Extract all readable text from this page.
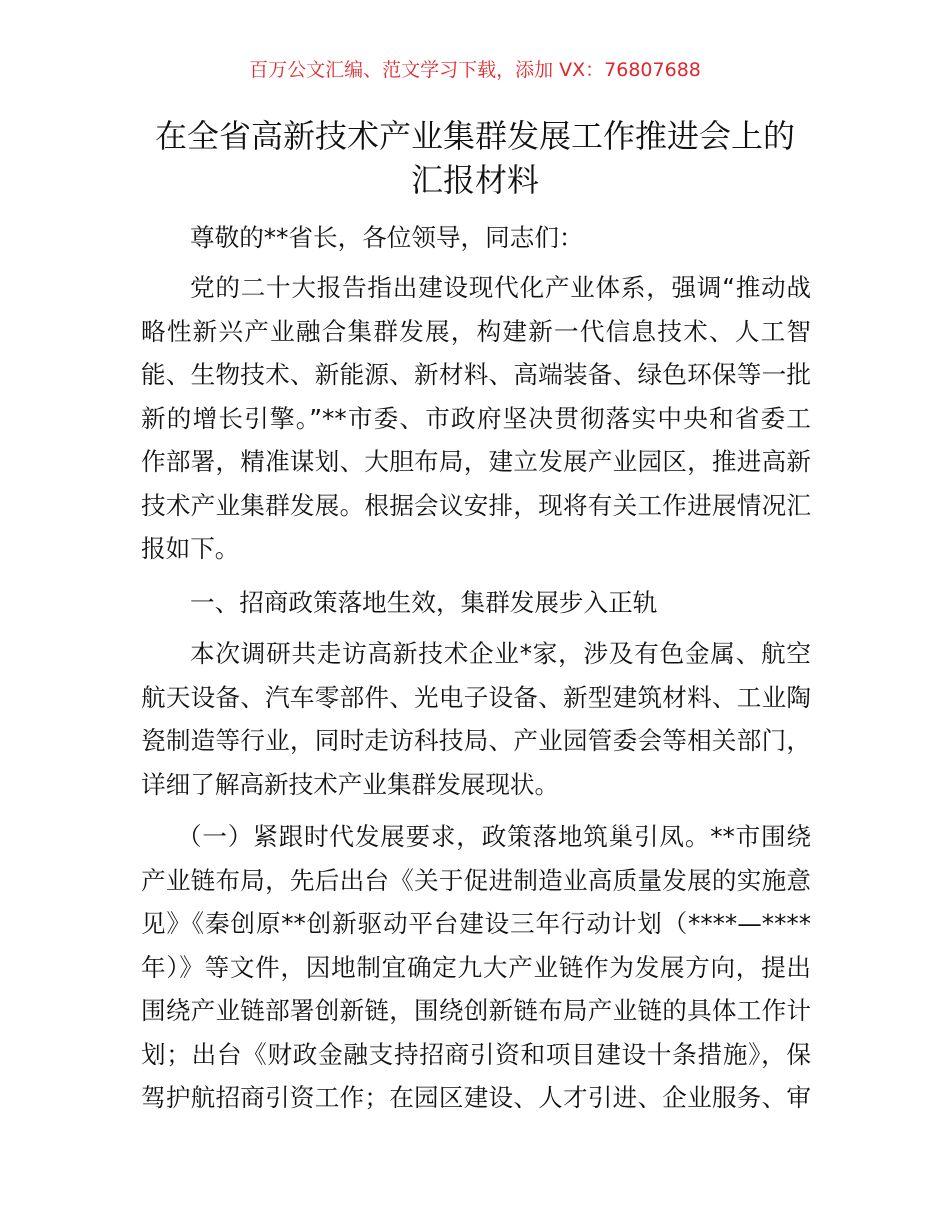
百万公文汇编、范文学习下载，添加 VX：76807688
在全省高新技术产业集群发展工作推进会上的
汇报材料
尊敬的**省长，各位领导，同志们：
党的二十大报告指出建设现代化产业体系，强调“推动战
略性新兴产业融合集群发展，构建新一代信息技术、人工智
能、生物技术、新能源、新材料、高端装备、绿色环保等一批
新的增长引擎。”**市委、市政府坚决贯彻落实中央和省委工
作部署，精准谋划、大胆布局，建立发展产业园区，推进高新
技术产业集群发展。根据会议安排，现将有关工作进展情况汇
报如下。
一、招商政策落地生效，集群发展步入正轨
本次调研共走访高新技术企业*家，涉及有色金属、航空
航天设备、汽车零部件、光电子设备、新型建筑材料、工业陶
瓷制造等行业，同时走访科技局、产业园管委会等相关部门，
详细了解高新技术产业集群发展现状。
（一）紧跟时代发展要求，政策落地筑巢引凤。**市围绕
产业链布局，先后出台《关于促进制造业高质量发展的实施意
见》《秦创原**创新驱动平台建设三年行动计划（****—****
年）》等文件，因地制宜确定九大产业链作为发展方向，提出
围绕产业链部署创新链，围绕创新链布局产业链的具体工作计
划；出台《财政金融支持招商引资和项目建设十条措施》，保
驾护航招商引资工作；在园区建设、人才引进、企业服务、审
